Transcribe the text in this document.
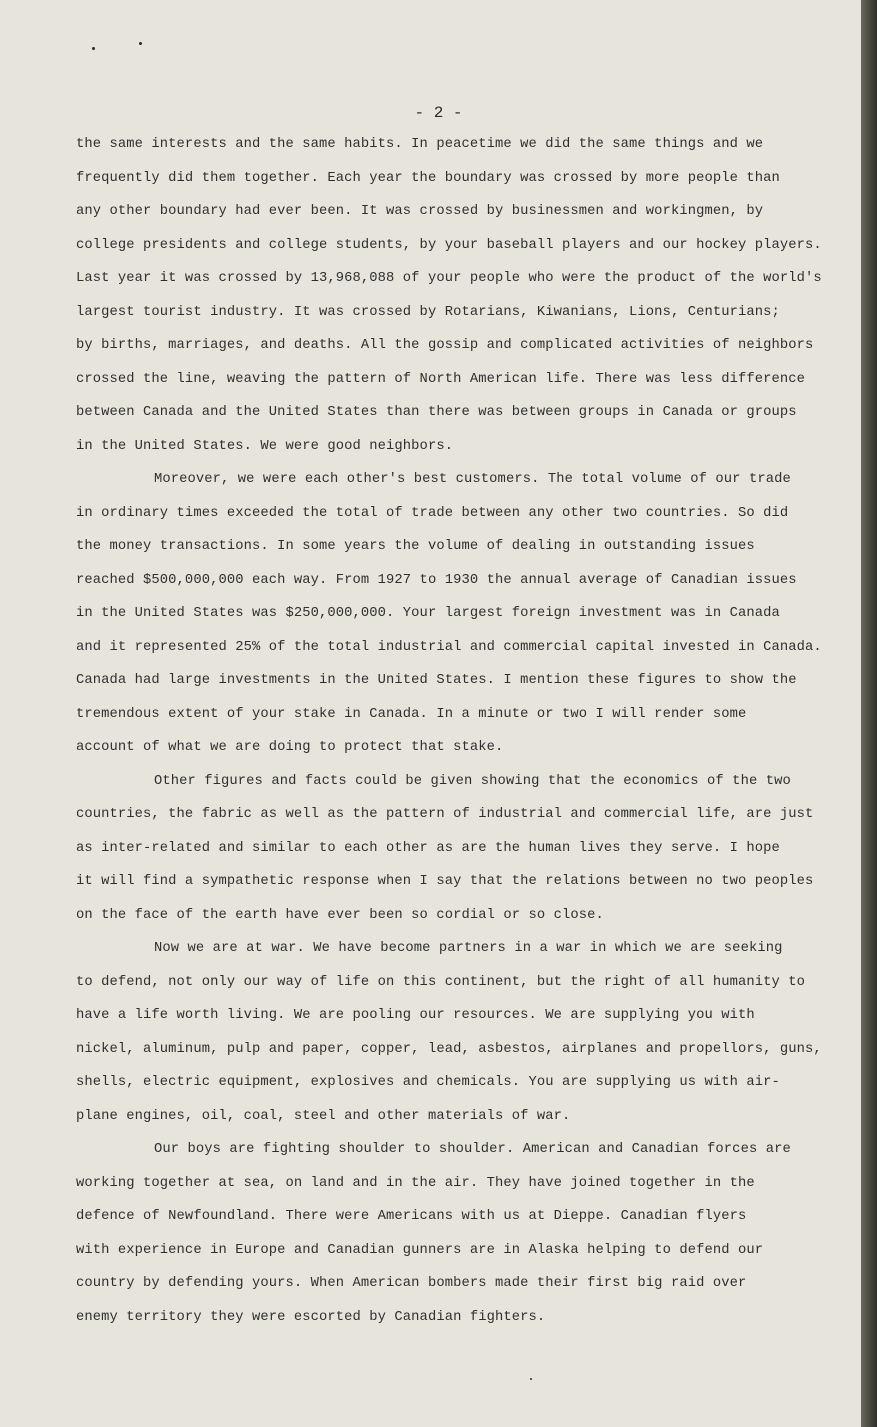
- 2 -
the same interests and the same habits. In peacetime we did the same things and we
frequently did them together. Each year the boundary was crossed by more people than
any other boundary had ever been. It was crossed by businessmen and workingmen, by
college presidents and college students, by your baseball players and our hockey players.
Last year it was crossed by 13,968,088 of your people who were the product of the world's
largest tourist industry. It was crossed by Rotarians, Kiwanians, Lions, Centurians;
by births, marriages, and deaths. All the gossip and complicated activities of neighbors
crossed the line, weaving the pattern of North American life. There was less difference
between Canada and the United States than there was between groups in Canada or groups
in the United States. We were good neighbors.
Moreover, we were each other's best customers. The total volume of our trade
in ordinary times exceeded the total of trade between any other two countries. So did
the money transactions. In some years the volume of dealing in outstanding issues
reached $500,000,000 each way. From 1927 to 1930 the annual average of Canadian issues
in the United States was $250,000,000. Your largest foreign investment was in Canada
and it represented 25% of the total industrial and commercial capital invested in Canada.
Canada had large investments in the United States. I mention these figures to show the
tremendous extent of your stake in Canada. In a minute or two I will render some
account of what we are doing to protect that stake.
Other figures and facts could be given showing that the economics of the two
countries, the fabric as well as the pattern of industrial and commercial life, are just
as inter-related and similar to each other as are the human lives they serve. I hope
it will find a sympathetic response when I say that the relations between no two peoples
on the face of the earth have ever been so cordial or so close.
Now we are at war. We have become partners in a war in which we are seeking
to defend, not only our way of life on this continent, but the right of all humanity to
have a life worth living. We are pooling our resources. We are supplying you with
nickel, aluminum, pulp and paper, copper, lead, asbestos, airplanes and propellors, guns,
shells, electric equipment, explosives and chemicals. You are supplying us with air-
plane engines, oil, coal, steel and other materials of war.
Our boys are fighting shoulder to shoulder. American and Canadian forces are
working together at sea, on land and in the air. They have joined together in the
defence of Newfoundland. There were Americans with us at Dieppe. Canadian flyers
with experience in Europe and Canadian gunners are in Alaska helping to defend our
country by defending yours. When American bombers made their first big raid over
enemy territory they were escorted by Canadian fighters.
